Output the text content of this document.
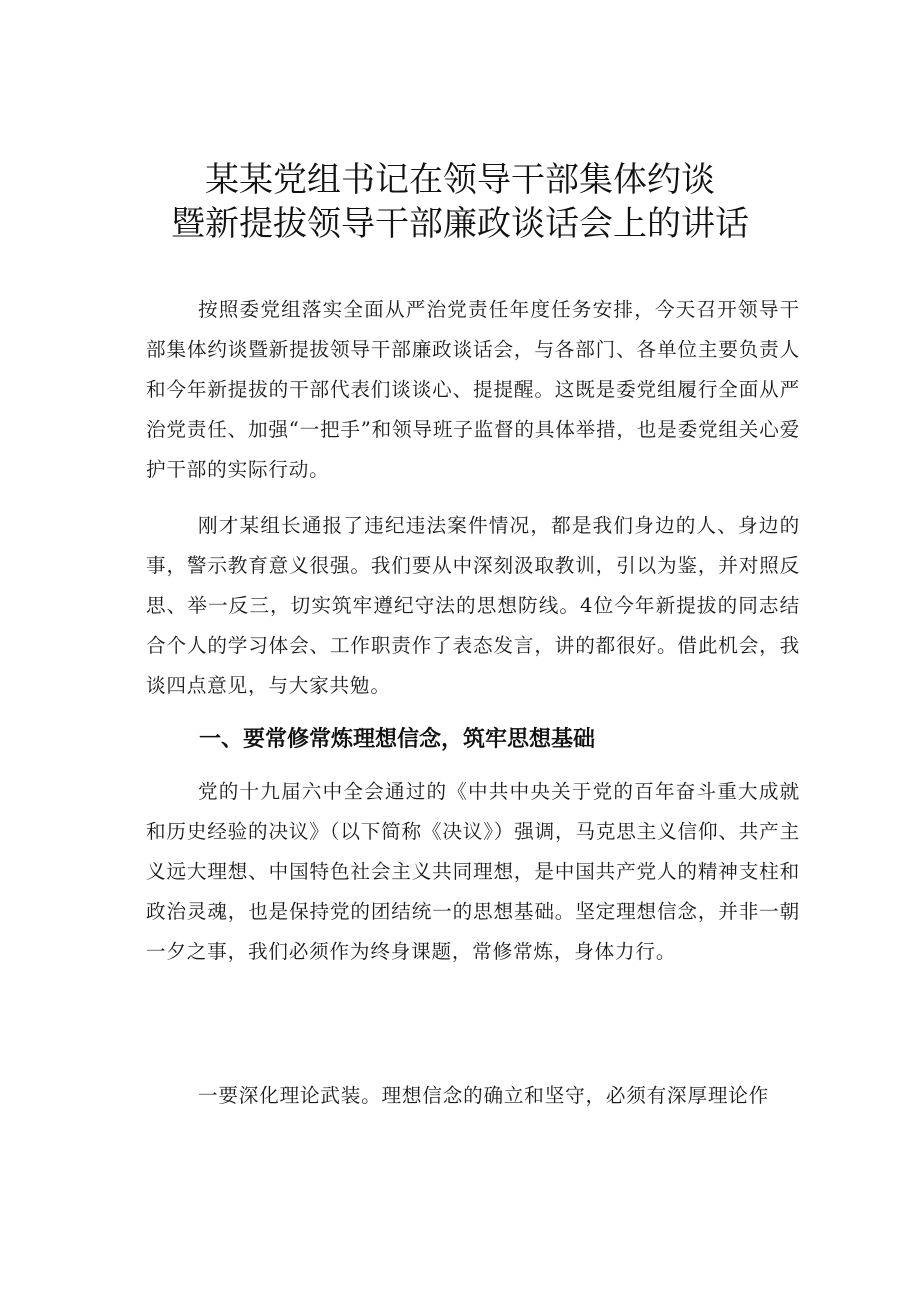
某某党组书记在领导干部集体约谈
暨新提拔领导干部廉政谈话会上的讲话

按照委党组落实全面从严治党责任年度任务安排，今天召开领导干部集体约谈暨新提拔领导干部廉政谈话会，与各部门、各单位主要负责人和今年新提拔的干部代表们谈谈心、提提醒。这既是委党组履行全面从严治党责任、加强“一把手”和领导班子监督的具体举措，也是委党组关心爱护干部的实际行动。

刚才某组长通报了违纪违法案件情况，都是我们身边的人、身边的事，警示教育意义很强。我们要从中深刻汲取教训，引以为鉴，并对照反思、举一反三，切实筑牢遵纪守法的思想防线。4位今年新提拔的同志结合个人的学习体会、工作职责作了表态发言，讲的都很好。借此机会，我谈四点意见，与大家共勉。

一、要常修常炼理想信念，筑牢思想基础

党的十九届六中全会通过的《中共中央关于党的百年奋斗重大成就和历史经验的决议》（以下简称《决议》）强调，马克思主义信仰、共产主义远大理想、中国特色社会主义共同理想，是中国共产党人的精神支柱和政治灵魂，也是保持党的团结统一的思想基础。坚定理想信念，并非一朝一夕之事，我们必须作为终身课题，常修常炼，身体力行。

一要深化理论武装。理想信念的确立和坚守，必须有深厚理论作
